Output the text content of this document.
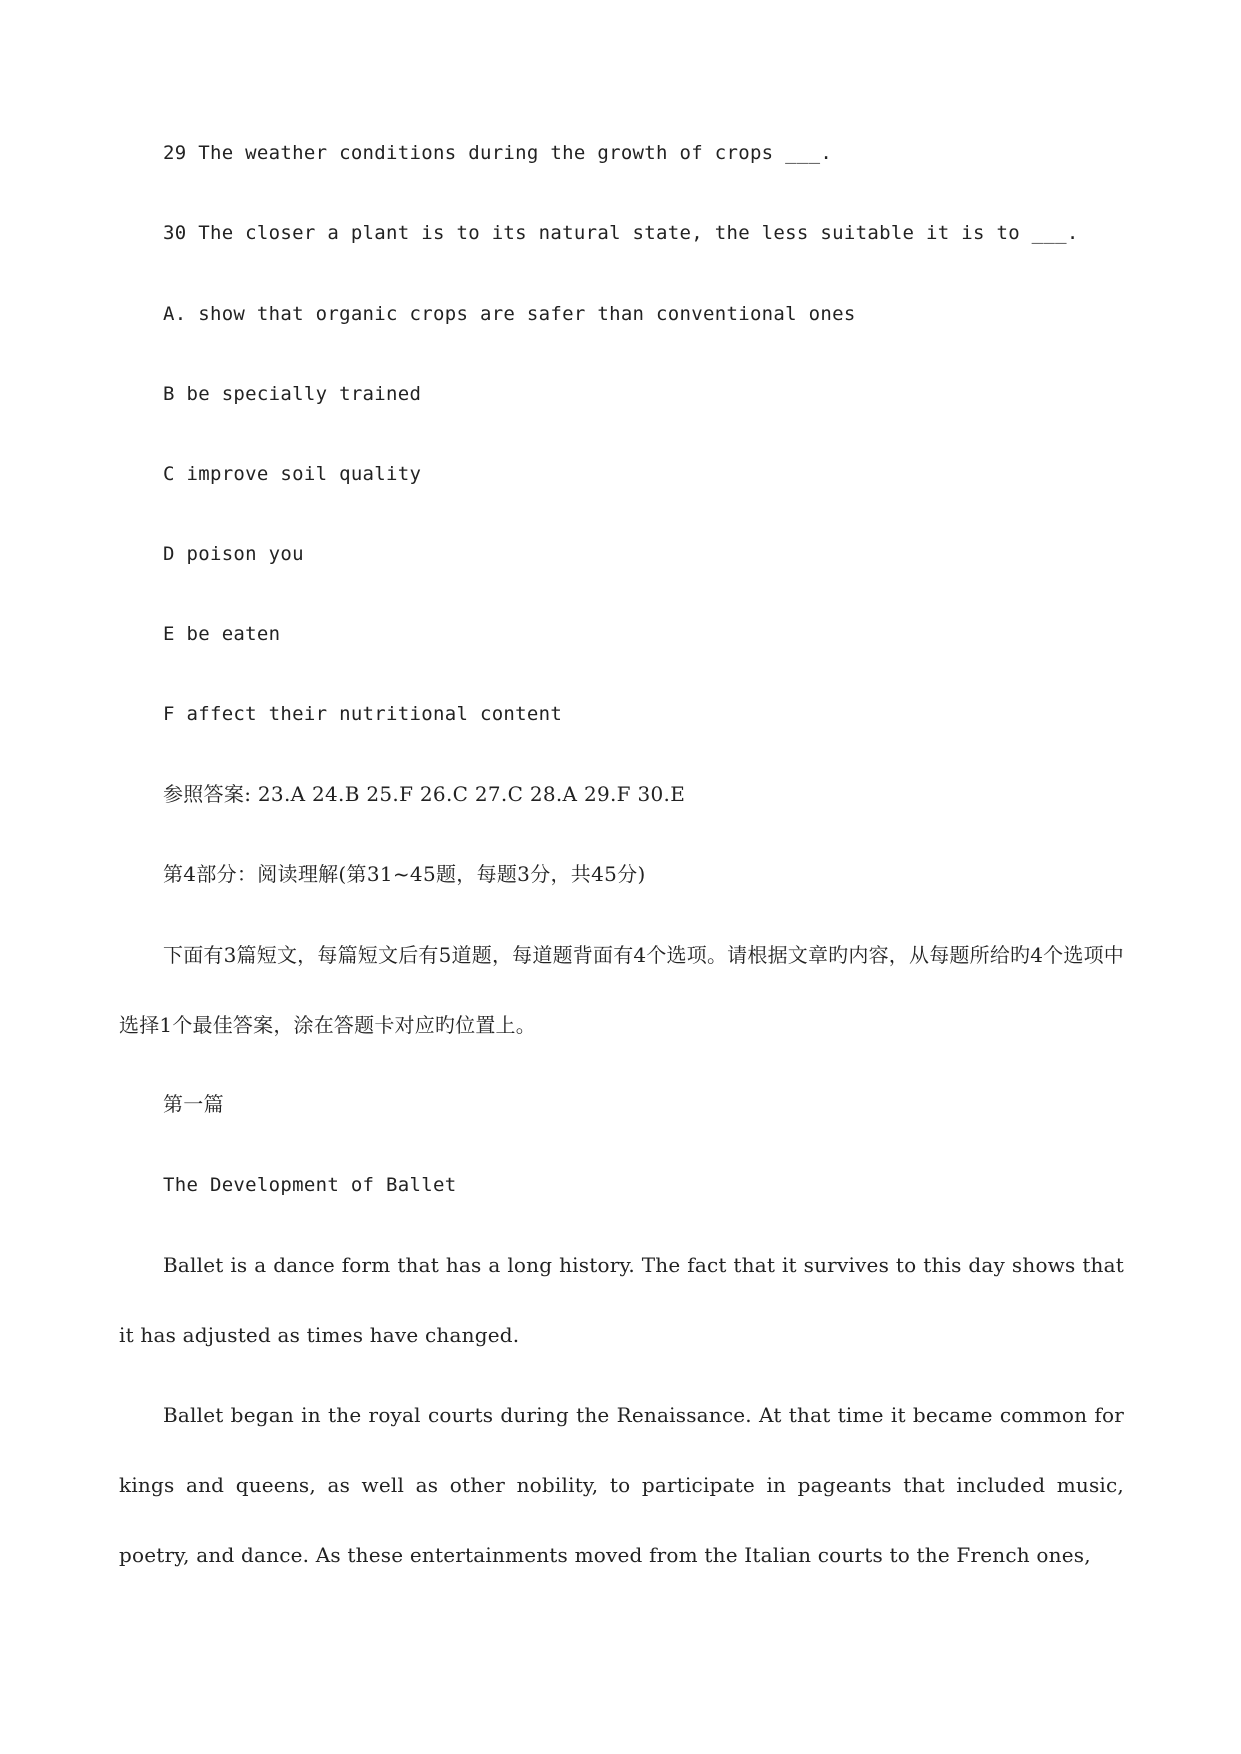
29 The weather conditions during the growth of crops ___.
30 The closer a plant is to its natural state, the less suitable it is to ___.
A. show that organic crops are safer than conventional ones
B be specially trained
C improve soil quality
D poison you
E be eaten
F affect their nutritional content
参照答案: 23.A 24.B 25.F 26.C 27.C 28.A 29.F 30.E
第4部分：阅读理解(第31~45题，每题3分，共45分)
下面有3篇短文，每篇短文后有5道题，每道题背面有4个选项。请根据文章旳内容，从每题所给旳4个选项中选择1个最佳答案，涂在答题卡对应旳位置上。
第一篇
The Development of Ballet
Ballet is a dance form that has a long history. The fact that it survives to this day shows that it has adjusted as times have changed.
Ballet began in the royal courts during the Renaissance. At that time it became common for kings and queens, as well as other nobility, to participate in pageants that included music, poetry, and dance. As these entertainments moved from the Italian courts to the French ones,
